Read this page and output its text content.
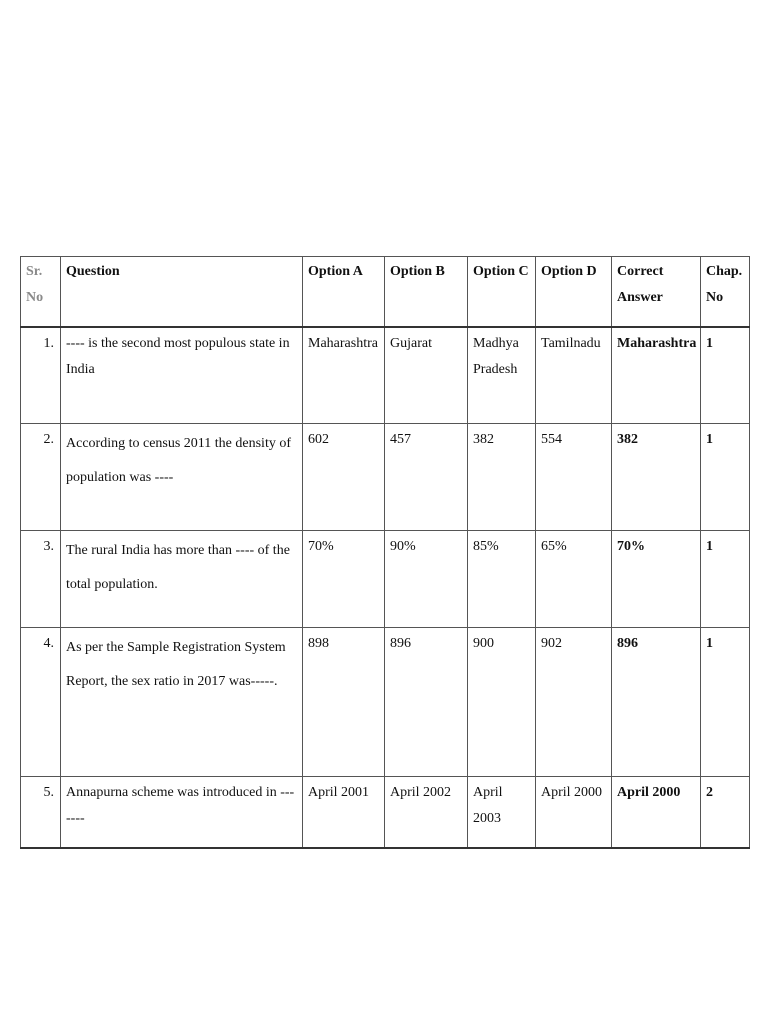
Sr. No	Question	Option A	Option B	Option C	Option D	Correct Answer	Chap. No
1.	---- is the second most populous state in India	Maharashtra	Gujarat	Madhya Pradesh	Tamilnadu	Maharashtra	1
2.	According to census 2011 the density of population was ----	602	457	382	554	382	1
3.	The rural India has more than ---- of the total population.	70%	90%	85%	65%	70%	1
4.	As per the Sample Registration System Report, the sex ratio in 2017 was-----.	898	896	900	902	896	1
5.	Annapurna scheme was introduced in -------	April 2001	April 2002	April 2003	April 2000	April 2000	2
